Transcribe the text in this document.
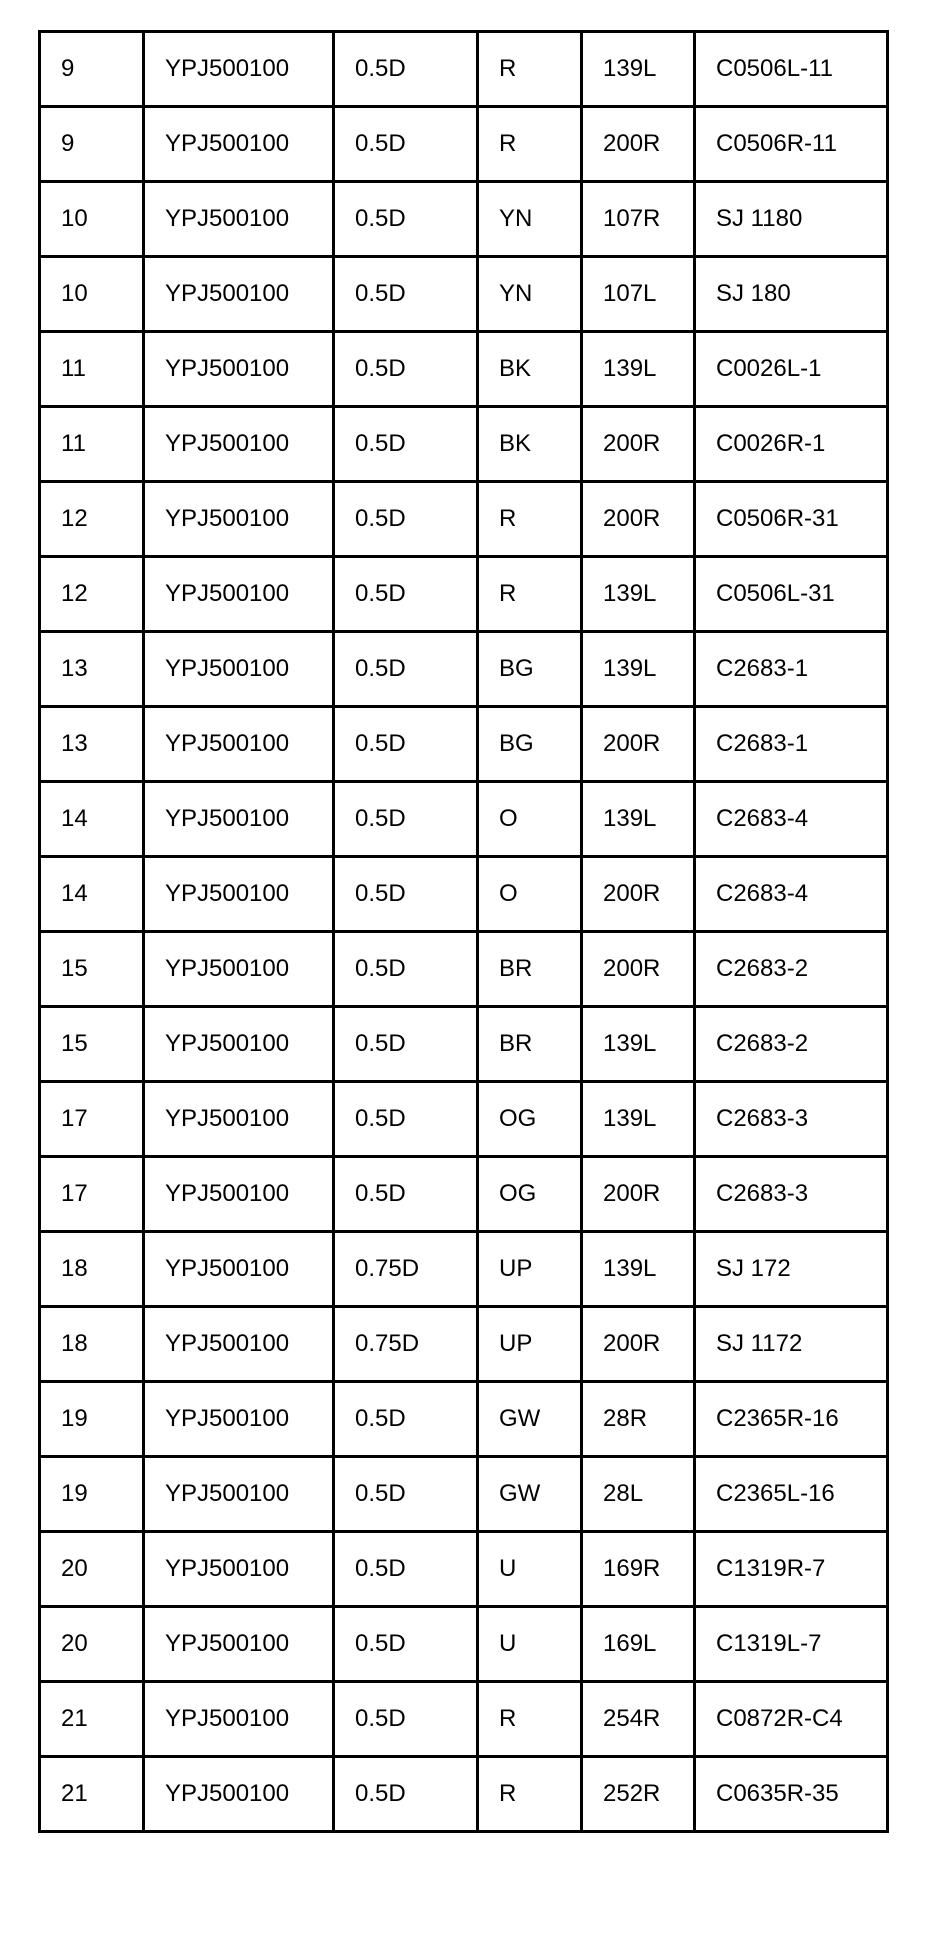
9	YPJ500100	0.5D	R	139L	C0506L-11
9	YPJ500100	0.5D	R	200R	C0506R-11
10	YPJ500100	0.5D	YN	107R	SJ 1180
10	YPJ500100	0.5D	YN	107L	SJ 180
11	YPJ500100	0.5D	BK	139L	C0026L-1
11	YPJ500100	0.5D	BK	200R	C0026R-1
12	YPJ500100	0.5D	R	200R	C0506R-31
12	YPJ500100	0.5D	R	139L	C0506L-31
13	YPJ500100	0.5D	BG	139L	C2683-1
13	YPJ500100	0.5D	BG	200R	C2683-1
14	YPJ500100	0.5D	O	139L	C2683-4
14	YPJ500100	0.5D	O	200R	C2683-4
15	YPJ500100	0.5D	BR	200R	C2683-2
15	YPJ500100	0.5D	BR	139L	C2683-2
17	YPJ500100	0.5D	OG	139L	C2683-3
17	YPJ500100	0.5D	OG	200R	C2683-3
18	YPJ500100	0.75D	UP	139L	SJ 172
18	YPJ500100	0.75D	UP	200R	SJ 1172
19	YPJ500100	0.5D	GW	28R	C2365R-16
19	YPJ500100	0.5D	GW	28L	C2365L-16
20	YPJ500100	0.5D	U	169R	C1319R-7
20	YPJ500100	0.5D	U	169L	C1319L-7
21	YPJ500100	0.5D	R	254R	C0872R-C4
21	YPJ500100	0.5D	R	252R	C0635R-35
